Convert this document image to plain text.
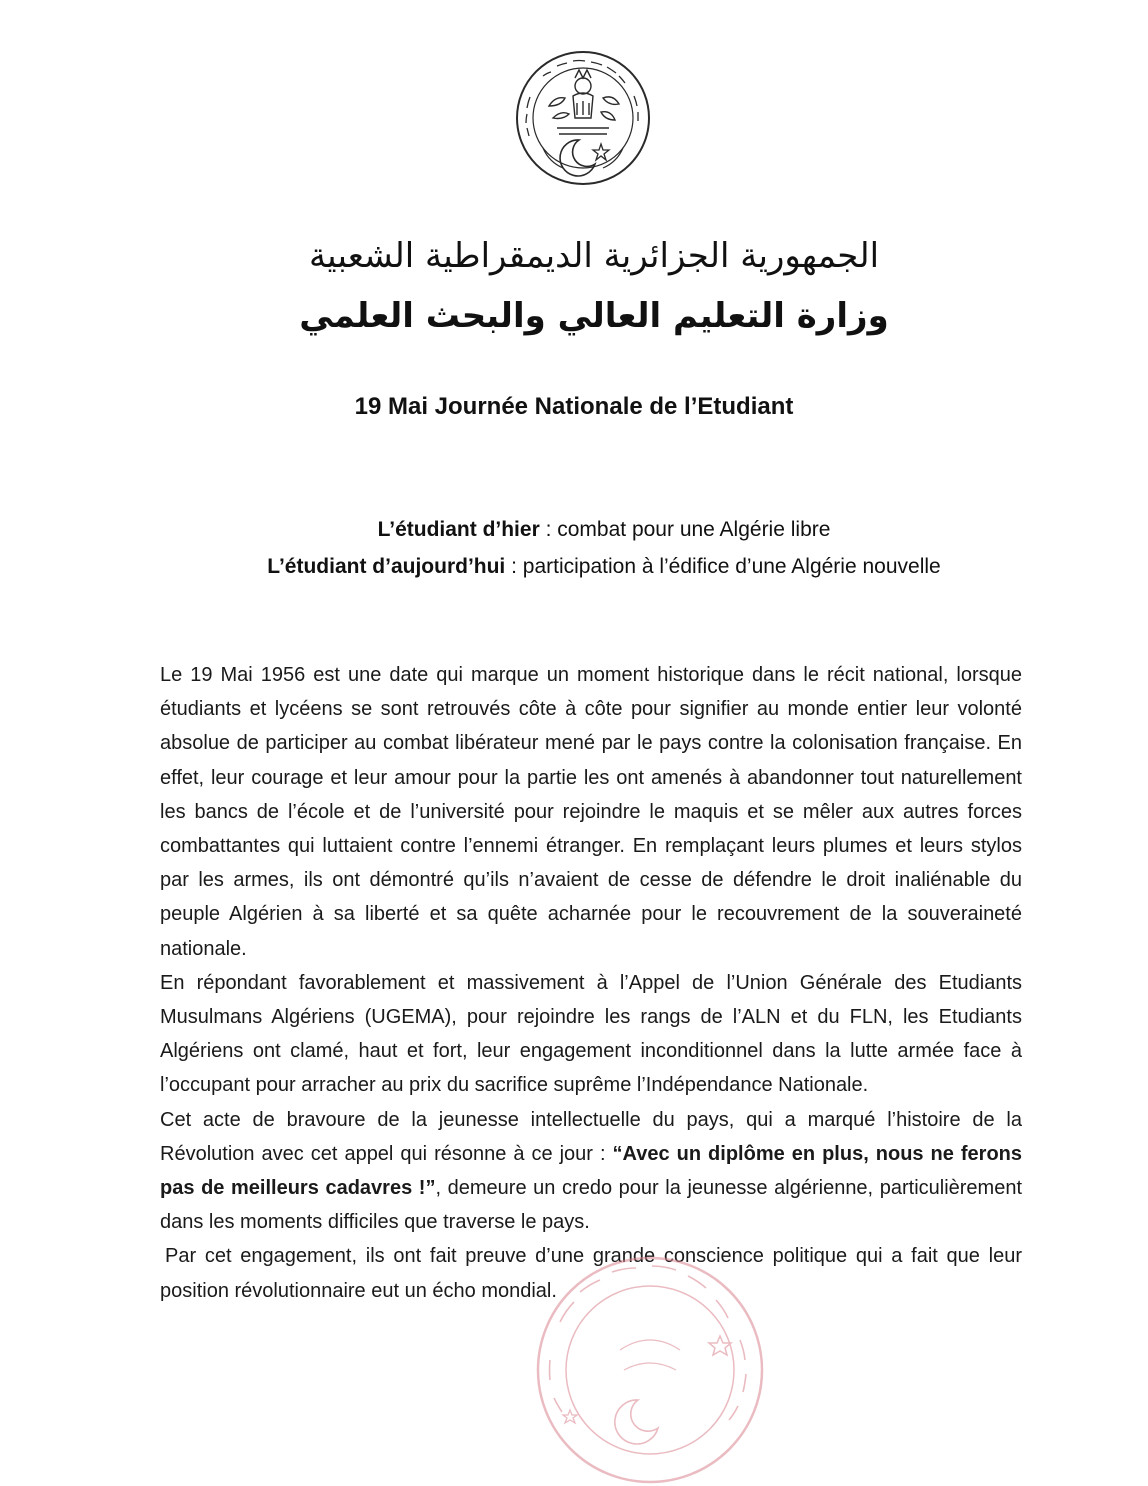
الجمهورية الجزائرية الديمقراطية الشعبية
وزارة التعليم العالي والبحث العلمي
19 Mai Journée Nationale de l’Etudiant
L’étudiant d’hier : combat pour une Algérie libre
L’étudiant d’aujourd’hui : participation à l’édifice d’une Algérie nouvelle

Le 19 Mai 1956 est une date qui marque un moment historique dans le récit national, lorsque étudiants et lycéens se sont retrouvés côte à côte pour signifier au monde entier leur volonté absolue de participer au combat libérateur mené par le pays contre la colonisation française. En effet, leur courage et leur amour pour la partie les ont amenés à abandonner tout naturellement les bancs de l’école et de l’université pour rejoindre le maquis et se mêler aux autres forces combattantes qui luttaient contre l’ennemi étranger. En remplaçant leurs plumes et leurs stylos par les armes, ils ont démontré qu’ils n’avaient de cesse de défendre le droit inaliénable du peuple Algérien à sa liberté et sa quête acharnée pour le recouvrement de la souveraineté nationale.

En répondant favorablement et massivement à l’Appel de l’Union Générale des Etudiants Musulmans Algériens (UGEMA), pour rejoindre les rangs de l’ALN et du FLN, les Etudiants Algériens ont clamé, haut et fort, leur engagement inconditionnel dans la lutte armée face à l’occupant pour arracher au prix du sacrifice suprême l’Indépendance Nationale.

Cet acte de bravoure de la jeunesse intellectuelle du pays, qui a marqué l’histoire de la Révolution avec cet appel qui résonne à ce jour : “Avec un diplôme en plus, nous ne ferons pas de meilleurs cadavres !”, demeure un credo pour la jeunesse algérienne, particulièrement dans les moments difficiles que traverse le pays.

Par cet engagement, ils ont fait preuve d’une grande conscience politique qui a fait que leur position révolutionnaire eut un écho mondial.
